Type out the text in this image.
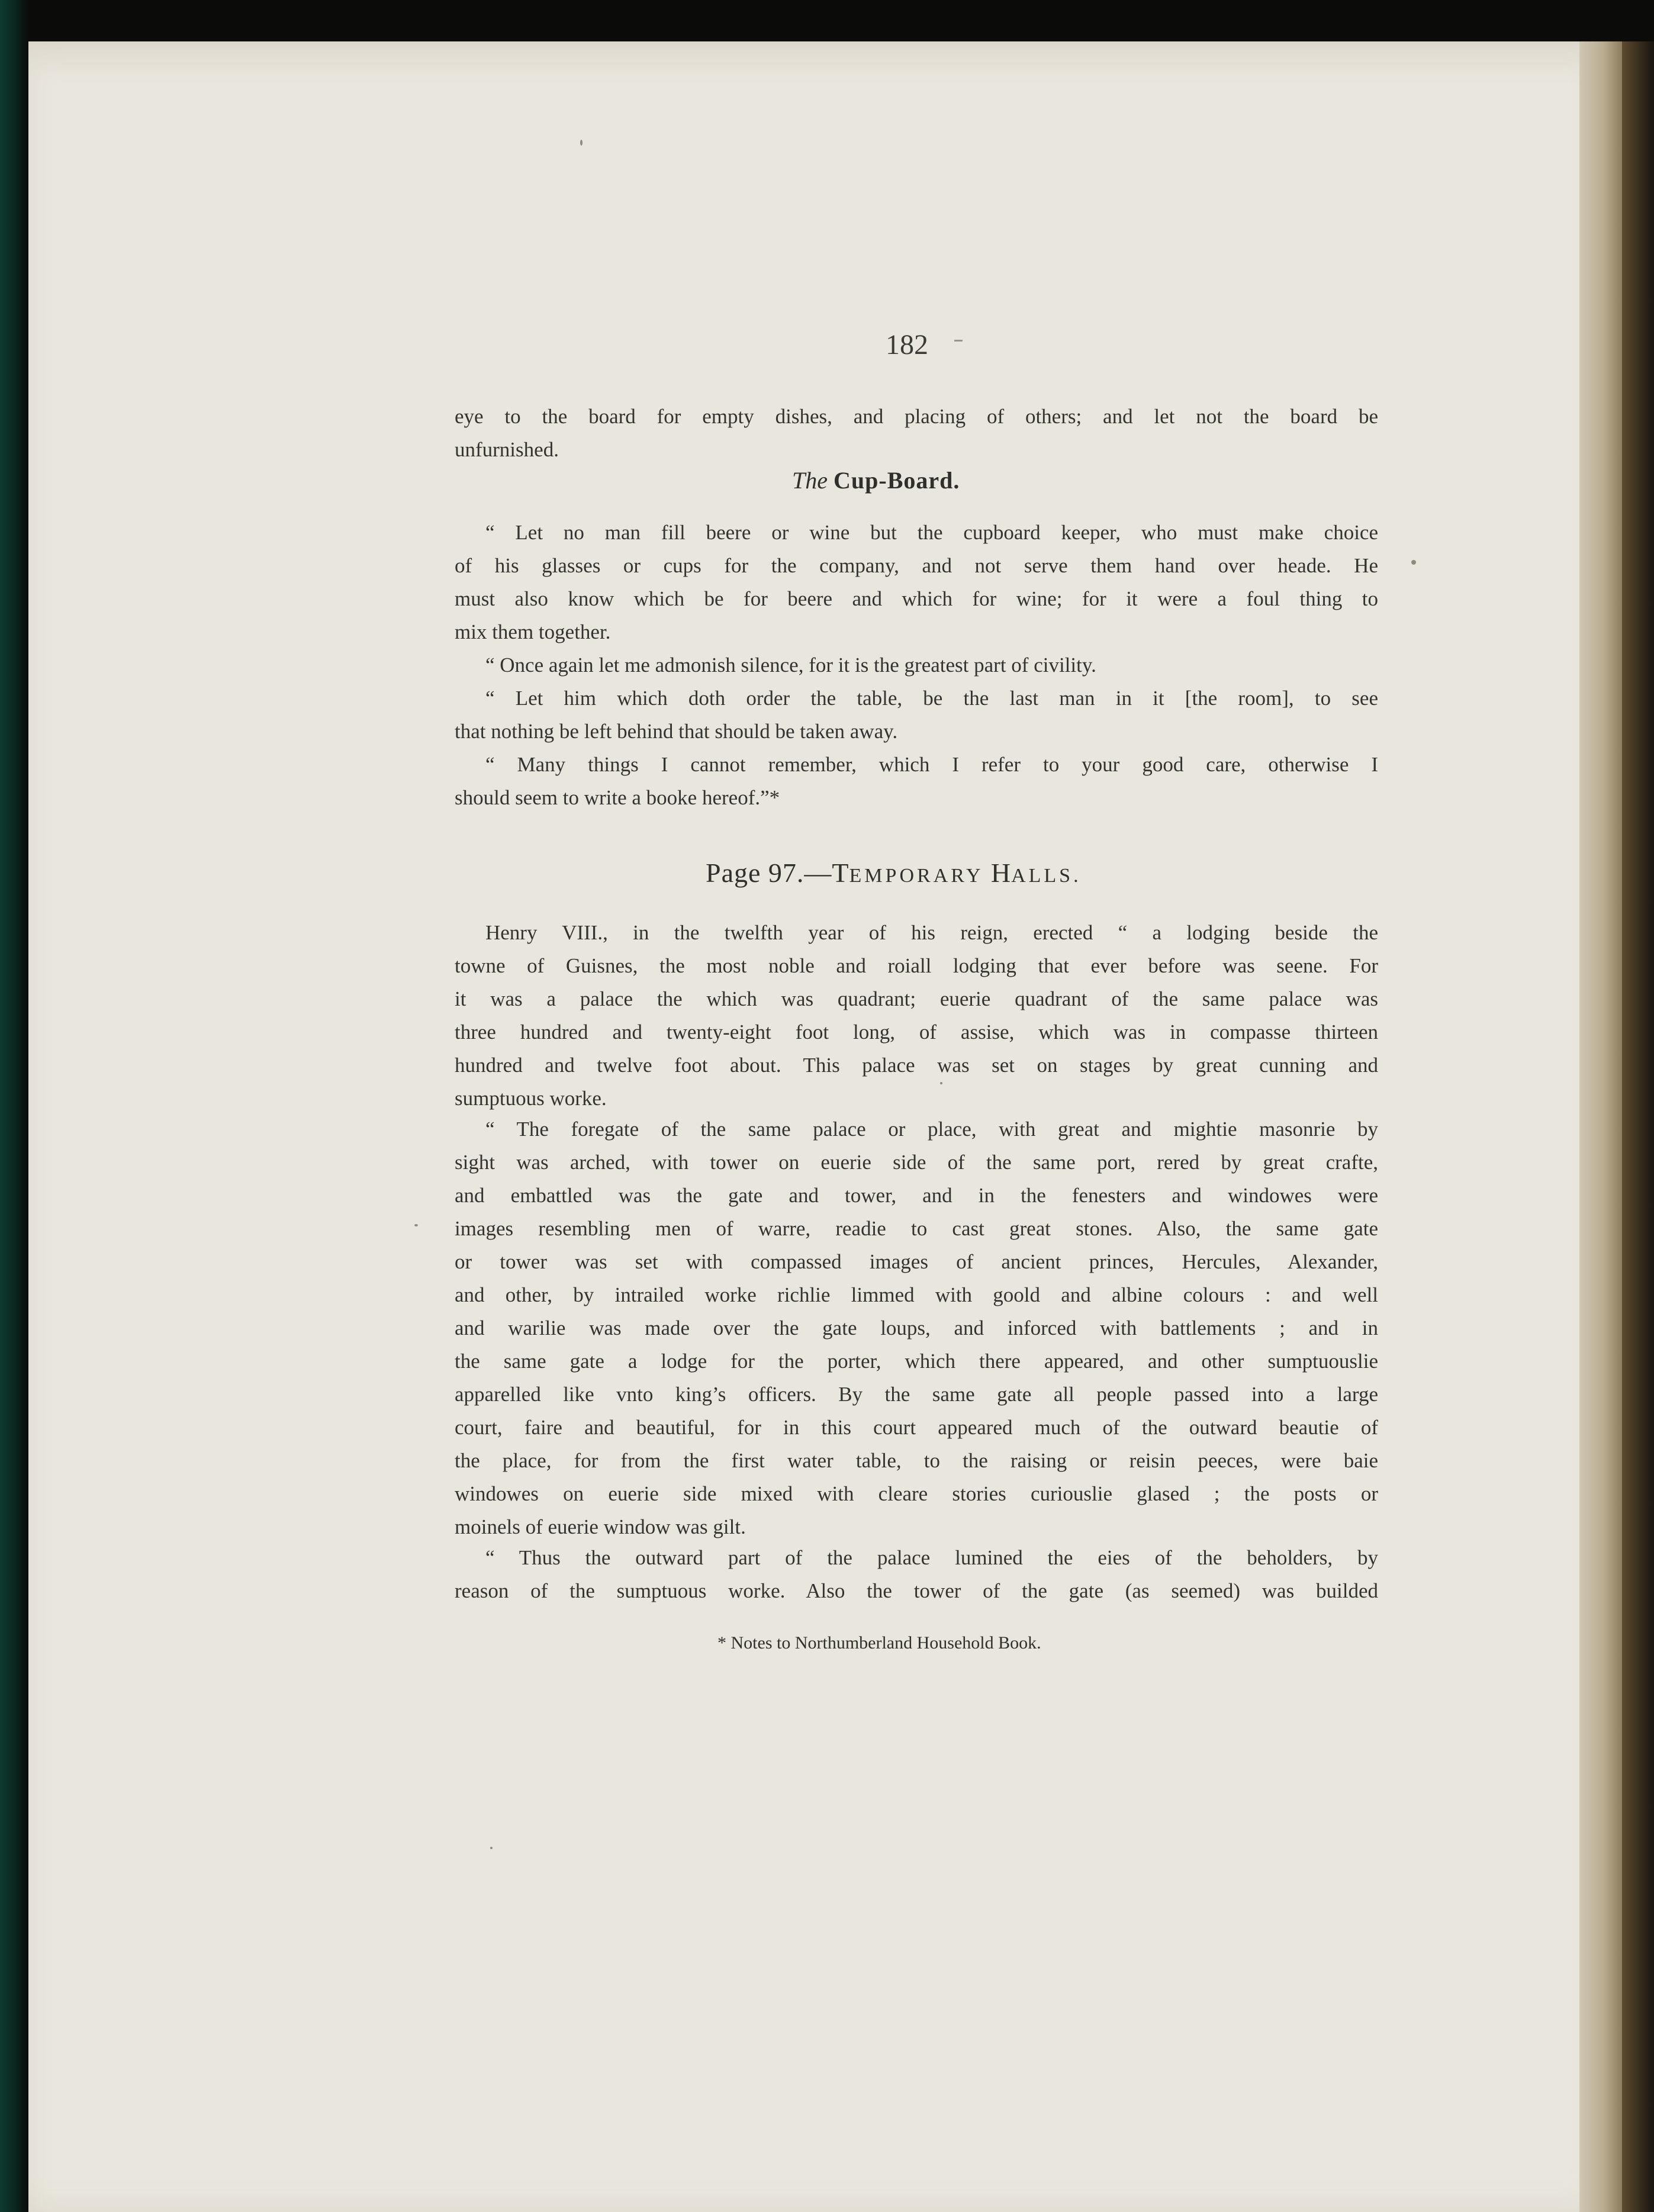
182
eye to the board for empty dishes, and placing of others; and let not the board be
unfurnished.
The Cup-Board.
“ Let no man fill beere or wine but the cupboard keeper, who must make choice
of his glasses or cups for the company, and not serve them hand over heade. He
must also know which be for beere and which for wine; for it were a foul thing to
mix them together.
“ Once again let me admonish silence, for it is the greatest part of civility.
“ Let him which doth order the table, be the last man in it [the room], to see
that nothing be left behind that should be taken away.
“ Many things I cannot remember, which I refer to your good care, otherwise I
should seem to write a booke hereof.”*
Page 97.—TEMPORARY HALLS.
Henry VIII., in the twelfth year of his reign, erected “ a lodging beside the
towne of Guisnes, the most noble and roiall lodging that ever before was seene. For
it was a palace the which was quadrant; euerie quadrant of the same palace was
three hundred and twenty-eight foot long, of assise, which was in compasse thirteen
hundred and twelve foot about. This palace was set on stages by great cunning and
sumptuous worke.
“ The foregate of the same palace or place, with great and mightie masonrie by
sight was arched, with tower on euerie side of the same port, rered by great crafte,
and embattled was the gate and tower, and in the fenesters and windowes were
images resembling men of warre, readie to cast great stones. Also, the same gate
or tower was set with compassed images of ancient princes, Hercules, Alexander,
and other, by intrailed worke richlie limmed with goold and albine colours : and well
and warilie was made over the gate loups, and inforced with battlements ; and in
the same gate a lodge for the porter, which there appeared, and other sumptuouslie
apparelled like vnto king’s officers. By the same gate all people passed into a large
court, faire and beautiful, for in this court appeared much of the outward beautie of
the place, for from the first water table, to the raising or reisin peeces, were baie
windowes on euerie side mixed with cleare stories curiouslie glased ; the posts or
moinels of euerie window was gilt.
“ Thus the outward part of the palace lumined the eies of the beholders, by
reason of the sumptuous worke. Also the tower of the gate (as seemed) was builded
* Notes to Northumberland Household Book.
